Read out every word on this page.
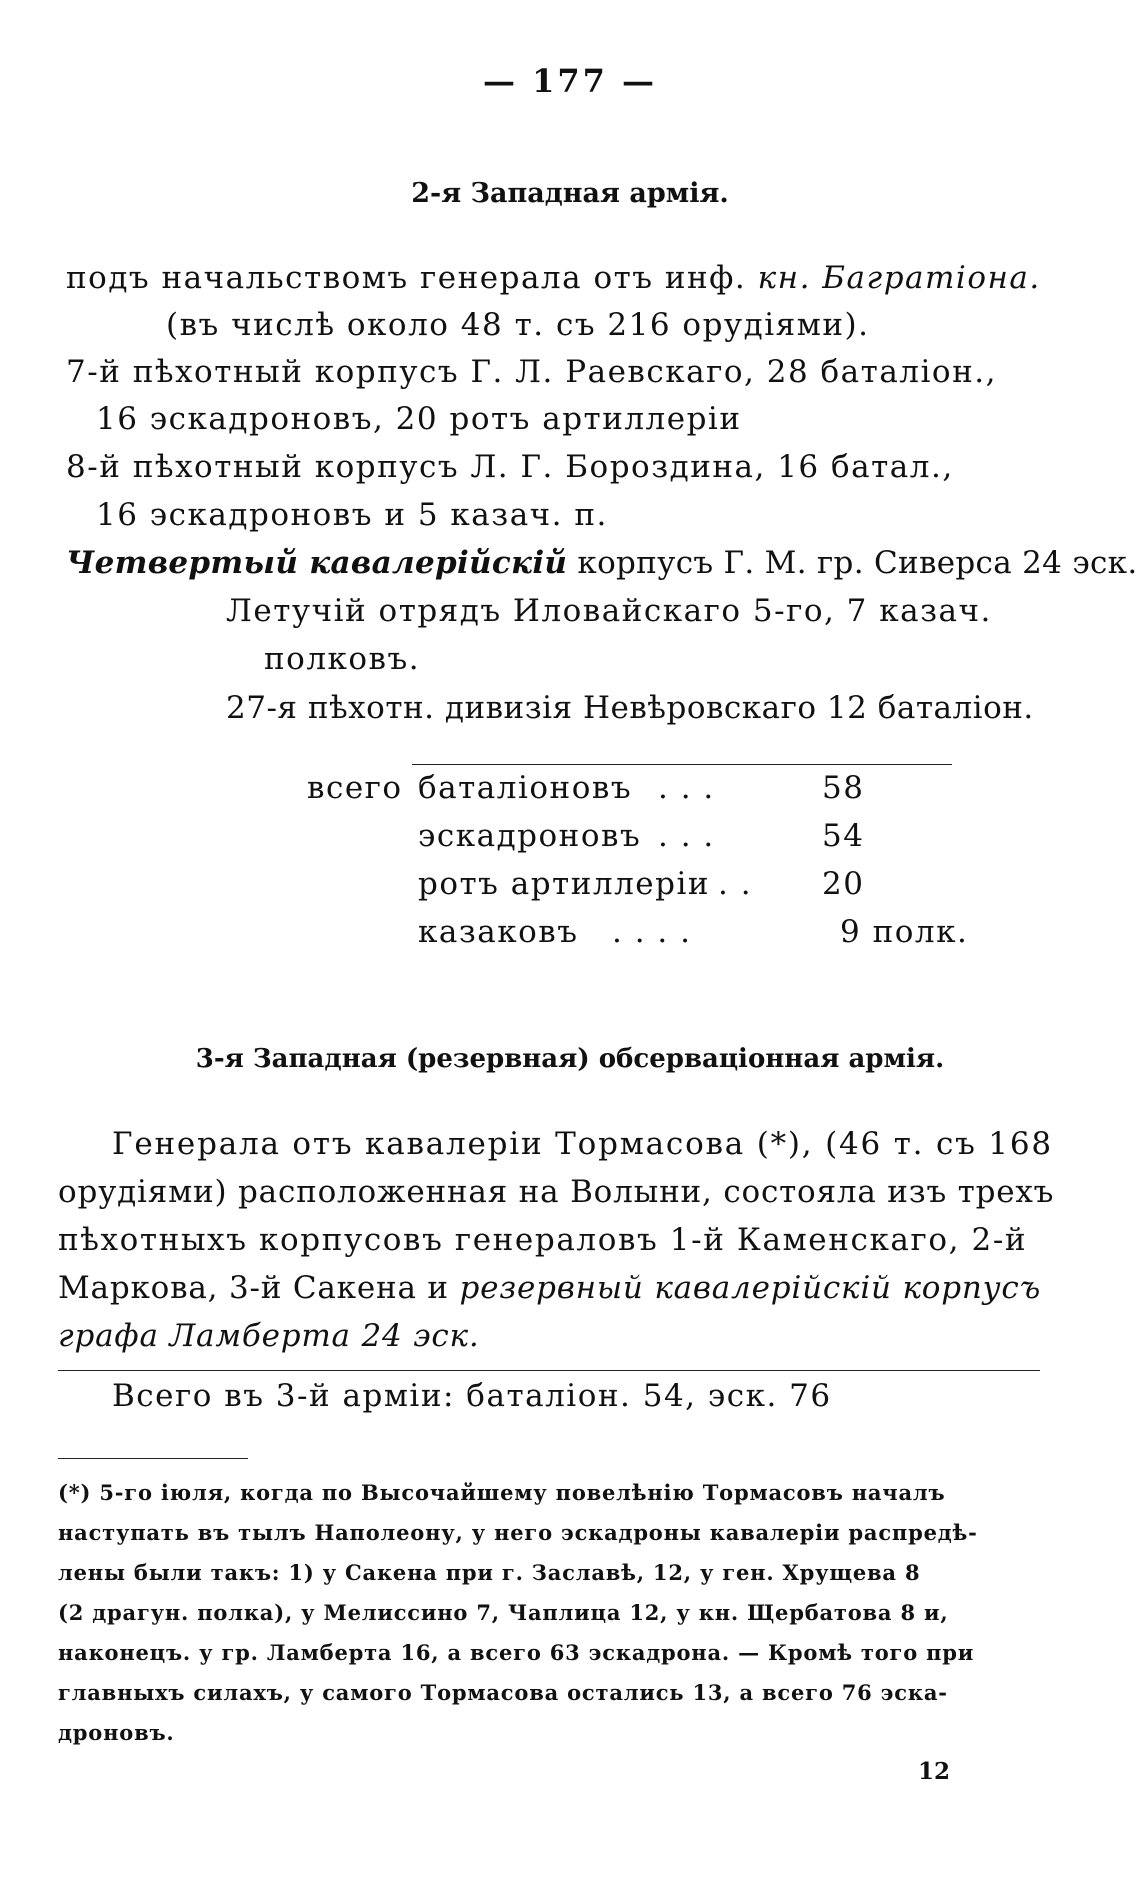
— 177 —
2-я Западная армія.
подъ начальствомъ генерала отъ инф. кн. Багратіона.
(въ числѣ около 48 т. съ 216 орудіями).
7-й пѣхотный корпусъ Г. Л. Раевскаго, 28 баталіон.,
16 эскадроновъ, 20 ротъ артиллеріи
8-й пѣхотный корпусъ Л. Г. Бороздина, 16 батал.,
16 эскадроновъ и 5 казач. п.
Четвертый кавалерійскій корпусъ Г. М. гр. Сиверса 24 эск.
Летучій отрядъ Иловайскаго 5-го, 7 казач.
полковъ.
27-я пѣхотн. дивизія Невѣровскаго 12 баталіон.
всего баталіоновъ . . .	58
эскадроновъ . . .	54
ротъ артиллеріи . . 20
казаковъ . . . .	9 полк.
3-я Западная (резервная) обсерваціонная армія.
Генерала отъ кавалеріи Тормасова (*), (46 т. съ 168
орудіями) расположенная на Волыни, состояла изъ трехъ
пѣхотныхъ корпусовъ генераловъ 1-й Каменскаго, 2-й
Маркова, 3-й Сакена и резервный кавалерійскій корпусъ
графа Ламберта 24 эск.
Всего въ 3-й арміи: баталіон. 54, эск. 76
(*) 5-го іюля, когда по Высочайшему повелѣнію Тормасовъ началъ
наступать въ тылъ Наполеону, у него эскадроны кавалеріи распредѣ-
лены были такъ: 1) у Сакена при г. Заславѣ, 12, у ген. Хрущева 8
(2 драгун. полка), у Мелиссино 7, Чаплица 12, у кн. Щербатова 8 и,
наконецъ. у гр. Ламберта 16, а всего 63 эскадрона. — Кромѣ того при
главныхъ силахъ, у самого Тормасова остались 13, а всего 76 эска-
дроновъ.
12
